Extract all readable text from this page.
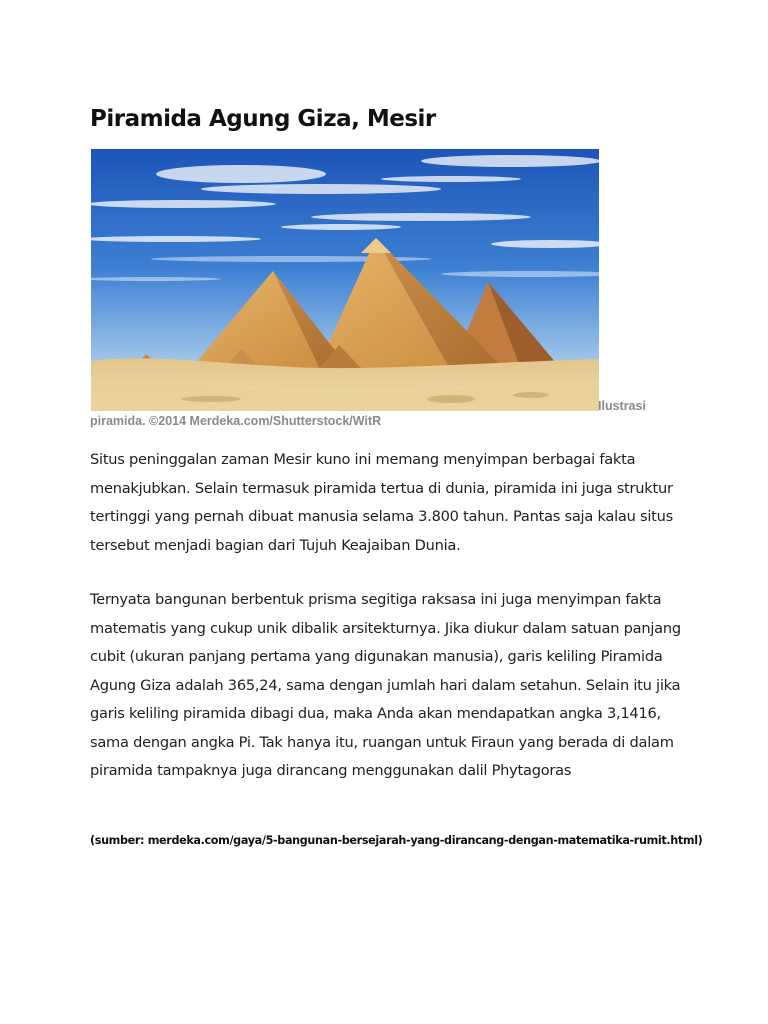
Piramida Agung Giza, Mesir
Ilustrasi
piramida. ©2014 Merdeka.com/Shutterstock/WitR

Situs peninggalan zaman Mesir kuno ini memang menyimpan berbagai fakta menakjubkan. Selain termasuk piramida tertua di dunia, piramida ini juga struktur tertinggi yang pernah dibuat manusia selama 3.800 tahun. Pantas saja kalau situs tersebut menjadi bagian dari Tujuh Keajaiban Dunia.

Ternyata bangunan berbentuk prisma segitiga raksasa ini juga menyimpan fakta matematis yang cukup unik dibalik arsitekturnya. Jika diukur dalam satuan panjang cubit (ukuran panjang pertama yang digunakan manusia), garis keliling Piramida Agung Giza adalah 365,24, sama dengan jumlah hari dalam setahun. Selain itu jika garis keliling piramida dibagi dua, maka Anda akan mendapatkan angka 3,1416, sama dengan angka Pi. Tak hanya itu, ruangan untuk Firaun yang berada di dalam piramida tampaknya juga dirancang menggunakan dalil Phytagoras

(sumber: merdeka.com/gaya/5-bangunan-bersejarah-yang-dirancang-dengan-matematika-rumit.html)
